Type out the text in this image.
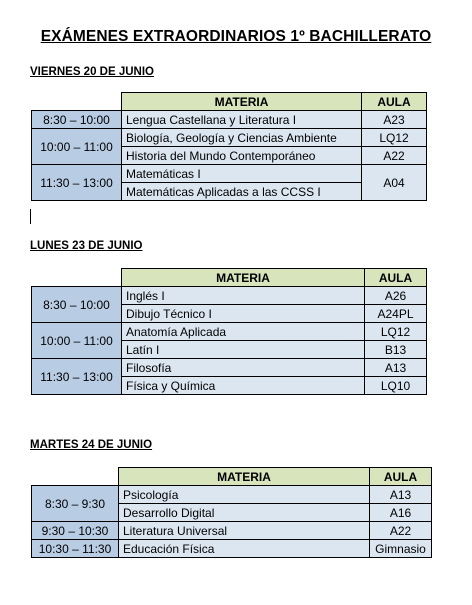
EXÁMENES EXTRAORDINARIOS 1º BACHILLERATO
VIERNES 20 DE JUNIO
	MATERIA	AULA
8:30 – 10:00	Lengua Castellana y Literatura I	A23
10:00 – 11:00	Biología, Geología y Ciencias Ambiente	LQ12
	Historia del Mundo Contemporáneo	A22
11:30 – 13:00	Matemáticas I	A04
	Matemáticas Aplicadas a las CCSS I	
LUNES 23 DE JUNIO
	MATERIA	AULA
8:30 – 10:00	Inglés I	A26
	Dibujo Técnico I	A24PL
10:00 – 11:00	Anatomía Aplicada	LQ12
	Latín I	B13
11:30 – 13:00	Filosofía	A13
	Física y Química	LQ10
MARTES 24 DE JUNIO
	MATERIA	AULA
8:30 – 9:30	Psicología	A13
	Desarrollo Digital	A16
9:30 – 10:30	Literatura Universal	A22
10:30 – 11:30	Educación Física	Gimnasio
